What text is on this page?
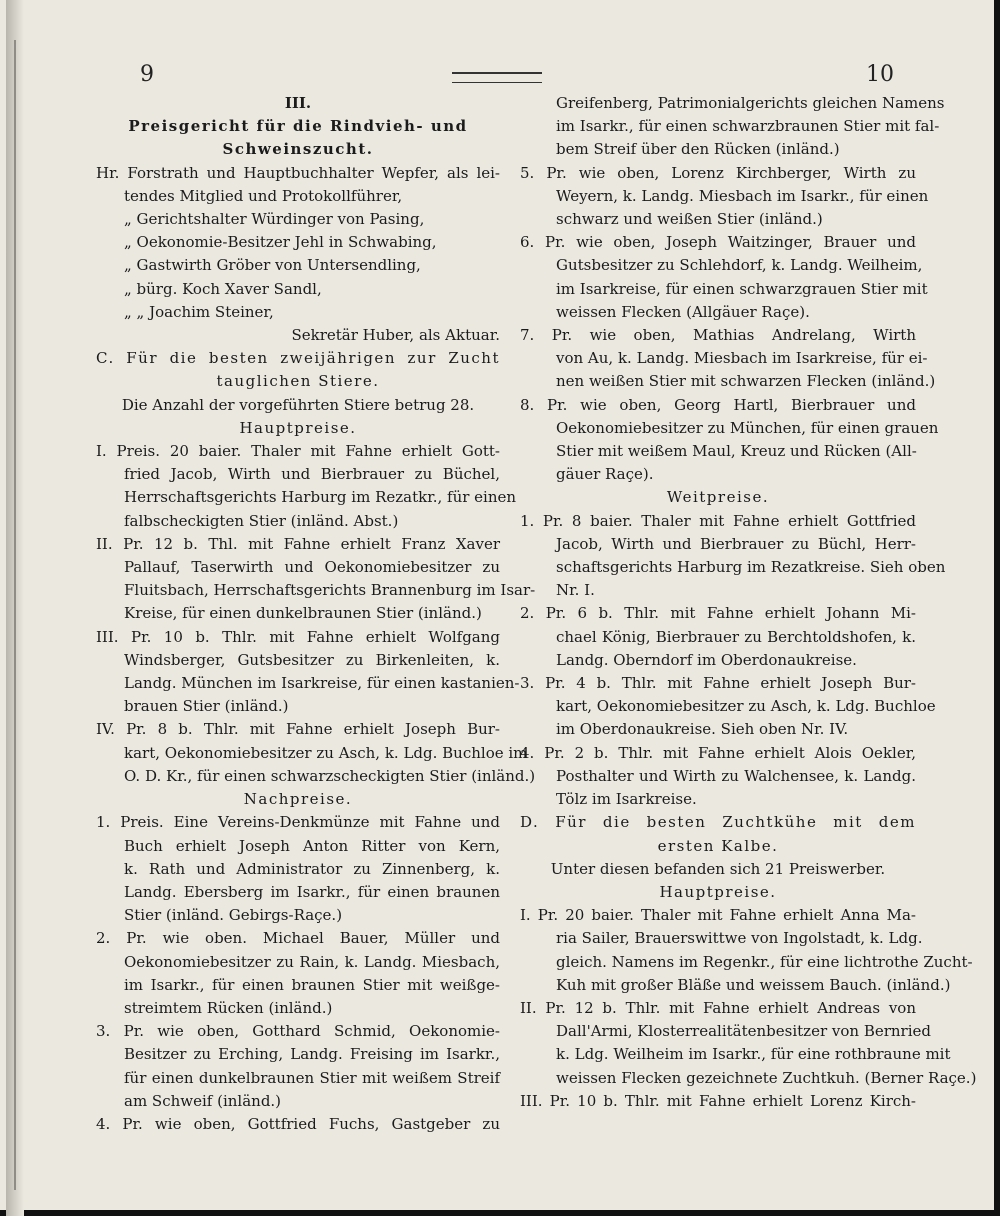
9	10
III.
Preisgericht für die Rindvieh- und
Schweinszucht.
Hr. Forstrath und Hauptbuchhalter Wepfer, als lei-
tendes Mitglied und Protokollführer,
„ Gerichtshalter Würdinger von Pasing,
„ Oekonomie-Besitzer Jehl in Schwabing,
„ Gastwirth Gröber von Untersendling,
„ bürg. Koch Xaver Sandl,
„ „ Joachim Steiner,
Sekretär Huber, als Aktuar.
C. Für die besten zweijährigen zur Zucht
tauglichen Stiere.
Die Anzahl der vorgeführten Stiere betrug 28.
Hauptpreise.
I. Preis. 20 baier. Thaler mit Fahne erhielt Gott-
fried Jacob, Wirth und Bierbrauer zu Büchel,
Herrschaftsgerichts Harburg im Rezatkr., für einen
falbscheckigten Stier (inländ. Abst.)
II. Pr. 12 b. Thl. mit Fahne erhielt Franz Xaver
Pallauf, Taserwirth und Oekonomiebesitzer zu
Fluitsbach, Herrschaftsgerichts Brannenburg im Isar-
Kreise, für einen dunkelbraunen Stier (inländ.)
III. Pr. 10 b. Thlr. mit Fahne erhielt Wolfgang
Windsberger, Gutsbesitzer zu Birkenleiten, k.
Landg. München im Isarkreise, für einen kastanien-
brauen Stier (inländ.)
IV. Pr. 8 b. Thlr. mit Fahne erhielt Joseph Bur-
kart, Oekonomiebesitzer zu Asch, k. Ldg. Buchloe im
O. D. Kr., für einen schwarzscheckigten Stier (inländ.)
Nachpreise.
1. Preis. Eine Vereins-Denkmünze mit Fahne und
Buch erhielt Joseph Anton Ritter von Kern,
k. Rath und Administrator zu Zinnenberg, k.
Landg. Ebersberg im Isarkr., für einen braunen
Stier (inländ. Gebirgs-Raçe.)
2. Pr. wie oben. Michael Bauer, Müller und
Oekonomiebesitzer zu Rain, k. Landg. Miesbach,
im Isarkr., für einen braunen Stier mit weißge-
streimtem Rücken (inländ.)
3. Pr. wie oben, Gotthard Schmid, Oekonomie-
Besitzer zu Erching, Landg. Freising im Isarkr.,
für einen dunkelbraunen Stier mit weißem Streif
am Schweif (inländ.)
4. Pr. wie oben, Gottfried Fuchs, Gastgeber zu
Greifenberg, Patrimonialgerichts gleichen Namens
im Isarkr., für einen schwarzbraunen Stier mit fal-
bem Streif über den Rücken (inländ.)
5. Pr. wie oben, Lorenz Kirchberger, Wirth zu
Weyern, k. Landg. Miesbach im Isarkr., für einen
schwarz und weißen Stier (inländ.)
6. Pr. wie oben, Joseph Waitzinger, Brauer und
Gutsbesitzer zu Schlehdorf, k. Landg. Weilheim,
im Isarkreise, für einen schwarzgrauen Stier mit
weissen Flecken (Allgäuer Raçe).
7. Pr. wie oben, Mathias Andrelang, Wirth
von Au, k. Landg. Miesbach im Isarkreise, für ei-
nen weißen Stier mit schwarzen Flecken (inländ.)
8. Pr. wie oben, Georg Hartl, Bierbrauer und
Oekonomiebesitzer zu München, für einen grauen
Stier mit weißem Maul, Kreuz und Rücken (All-
gäuer Raçe).
Weitpreise.
1. Pr. 8 baier. Thaler mit Fahne erhielt Gottfried
Jacob, Wirth und Bierbrauer zu Büchl, Herr-
schaftsgerichts Harburg im Rezatkreise. Sieh oben
Nr. I.
2. Pr. 6 b. Thlr. mit Fahne erhielt Johann Mi-
chael König, Bierbrauer zu Berchtoldshofen, k.
Landg. Oberndorf im Oberdonaukreise.
3. Pr. 4 b. Thlr. mit Fahne erhielt Joseph Bur-
kart, Oekonomiebesitzer zu Asch, k. Ldg. Buchloe
im Oberdonaukreise. Sieh oben Nr. IV.
4. Pr. 2 b. Thlr. mit Fahne erhielt Alois Oekler,
Posthalter und Wirth zu Walchensee, k. Landg.
Tölz im Isarkreise.
D. Für die besten Zuchtkühe mit dem
ersten Kalbe.
Unter diesen befanden sich 21 Preiswerber.
Hauptpreise.
I. Pr. 20 baier. Thaler mit Fahne erhielt Anna Ma-
ria Sailer, Brauerswittwe von Ingolstadt, k. Ldg.
gleich. Namens im Regenkr., für eine lichtrothe Zucht-
Kuh mit großer Bläße und weissem Bauch. (inländ.)
II. Pr. 12 b. Thlr. mit Fahne erhielt Andreas von
Dall'Armi, Klosterrealitätenbesitzer von Bernried
k. Ldg. Weilheim im Isarkr., für eine rothbraune mit
weissen Flecken gezeichnete Zuchtkuh. (Berner Raçe.)
III. Pr. 10 b. Thlr. mit Fahne erhielt Lorenz Kirch-
